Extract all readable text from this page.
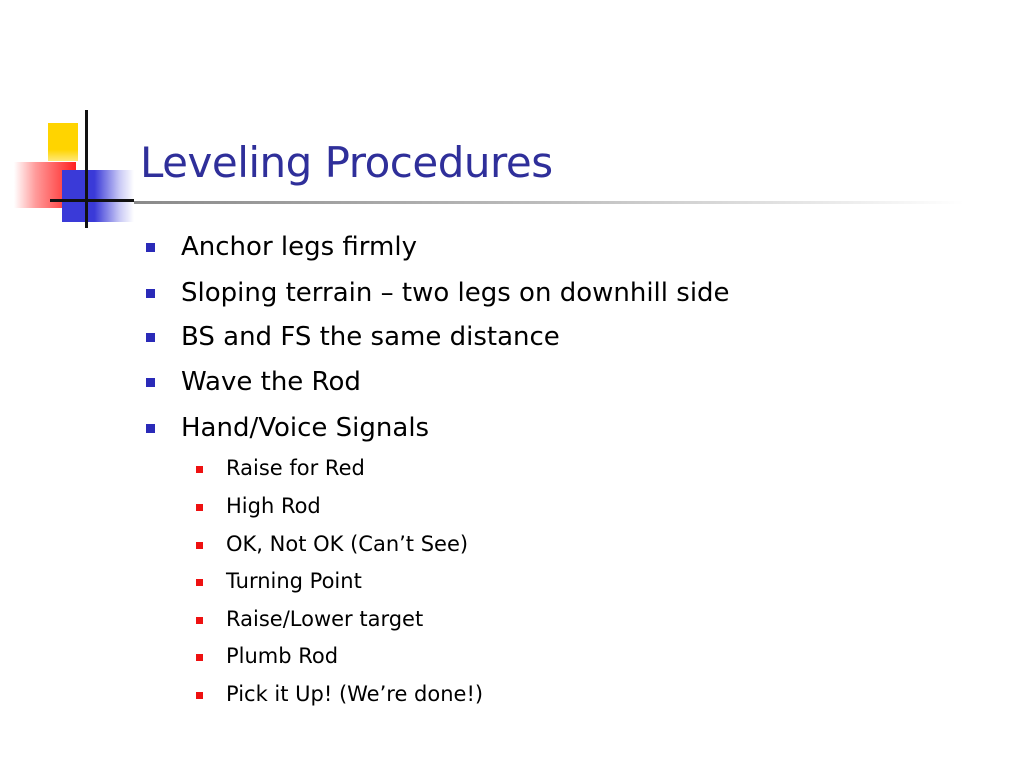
Leveling Procedures
Anchor legs firmly
Sloping terrain – two legs on downhill side
BS and FS the same distance
Wave the Rod
Hand/Voice Signals
Raise for Red
High Rod
OK, Not OK (Can’t See)
Turning Point
Raise/Lower target
Plumb Rod
Pick it Up! (We’re done!)
